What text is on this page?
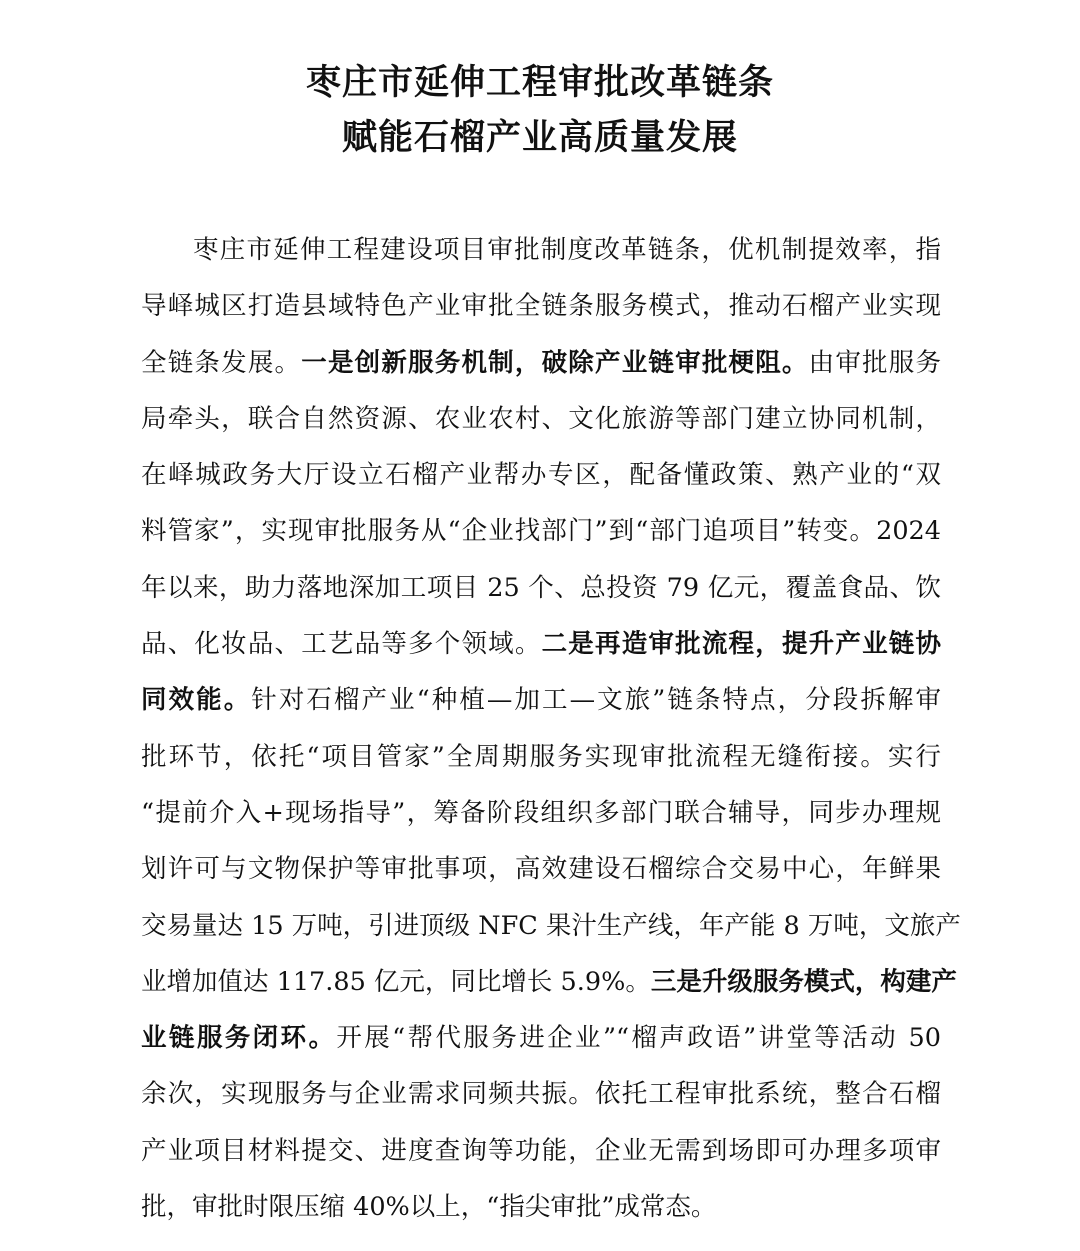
枣庄市延伸工程审批改革链条
赋能石榴产业高质量发展
枣庄市延伸工程建设项目审批制度改革链条，优机制提效率，指
导峄城区打造县域特色产业审批全链条服务模式，推动石榴产业实现
全链条发展。一是创新服务机制，破除产业链审批梗阻。由审批服务
局牵头，联合自然资源、农业农村、文化旅游等部门建立协同机制，
在峄城政务大厅设立石榴产业帮办专区，配备懂政策、熟产业的“双
料管家”，实现审批服务从“企业找部门”到“部门追项目”转变。2024
年以来，助力落地深加工项目 25 个、总投资 79 亿元，覆盖食品、饮
品、化妆品、工艺品等多个领域。二是再造审批流程，提升产业链协
同效能。针对石榴产业“种植—加工—文旅”链条特点，分段拆解审
批环节，依托“项目管家”全周期服务实现审批流程无缝衔接。实行
“提前介入+现场指导”，筹备阶段组织多部门联合辅导，同步办理规
划许可与文物保护等审批事项，高效建设石榴综合交易中心，年鲜果
交易量达 15 万吨，引进顶级 NFC 果汁生产线，年产能 8 万吨，文旅产
业增加值达 117.85 亿元，同比增长 5.9%。三是升级服务模式，构建产
业链服务闭环。开展“帮代服务进企业”“榴声政语”讲堂等活动 50
余次，实现服务与企业需求同频共振。依托工程审批系统，整合石榴
产业项目材料提交、进度查询等功能，企业无需到场即可办理多项审
批，审批时限压缩 40%以上，“指尖审批”成常态。
